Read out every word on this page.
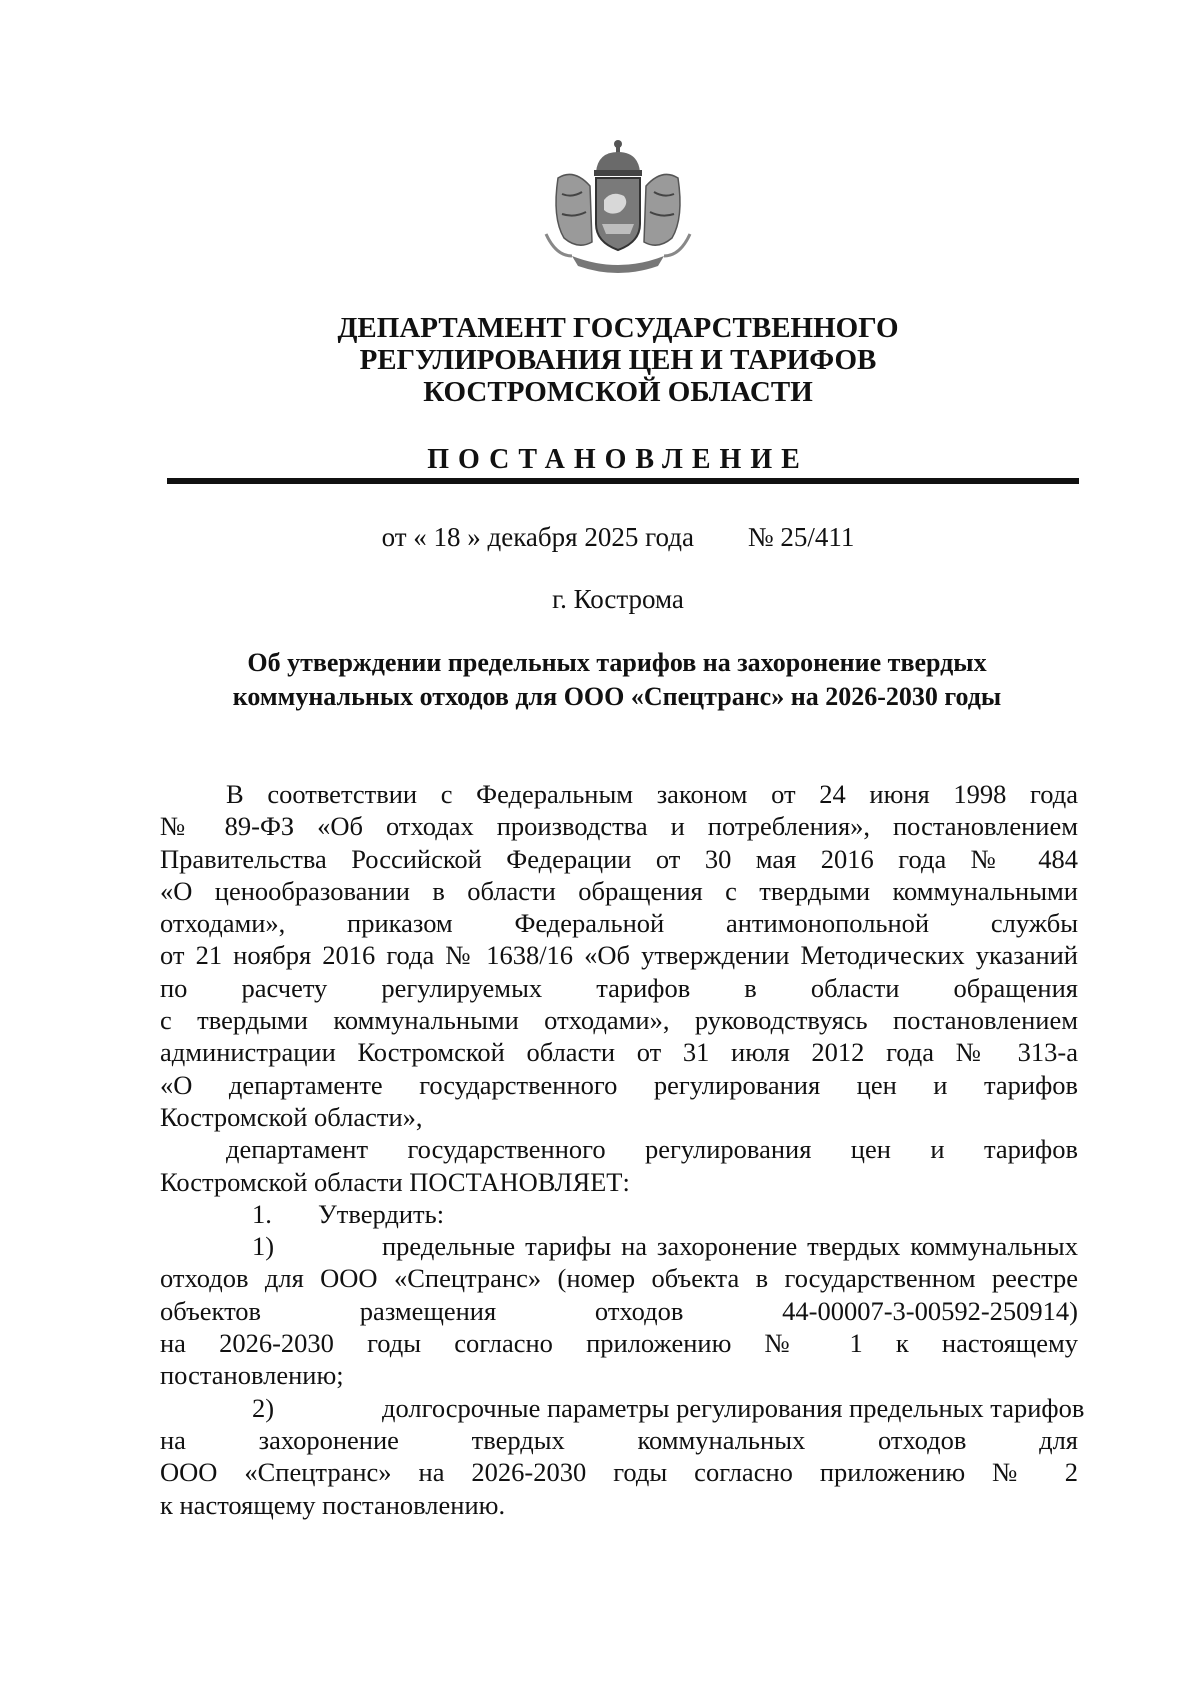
ДЕПАРТАМЕНТ ГОСУДАРСТВЕННОГО
РЕГУЛИРОВАНИЯ ЦЕН И ТАРИФОВ
КОСТРОМСКОЙ ОБЛАСТИ
ПОСТАНОВЛЕНИЕ
от « 18 » декабря 2025 года № 25/411
г. Кострома
Об утверждении предельных тарифов на захоронение твердых
коммунальных отходов для ООО «Спецтранс» на 2026-2030 годы
В соответствии с Федеральным законом от 24 июня 1998 года
№ 89-ФЗ «Об отходах производства и потребления», постановлением
Правительства Российской Федерации от 30 мая 2016 года № 484
«О ценообразовании в области обращения с твердыми коммунальными
отходами», приказом Федеральной антимонопольной службы
от 21 ноября 2016 года № 1638/16 «Об утверждении Методических указаний
по расчету регулируемых тарифов в области обращения
с твердыми коммунальными отходами», руководствуясь постановлением
администрации Костромской области от 31 июля 2012 года № 313-а
«О департаменте государственного регулирования цен и тарифов
Костромской области»,
департамент государственного регулирования цен и тарифов
Костромской области ПОСТАНОВЛЯЕТ:
1. Утвердить:
1)	предельные тарифы на захоронение твердых коммунальных
отходов для ООО «Спецтранс» (номер объекта в государственном реестре
объектов размещения отходов 44-00007-3-00592-250914)
на 2026-2030 годы согласно приложению № 1 к настоящему
постановлению;
2)	долгосрочные параметры регулирования предельных тарифов
на захоронение твердых коммунальных отходов для
ООО «Спецтранс» на 2026-2030 годы согласно приложению № 2
к настоящему постановлению.
